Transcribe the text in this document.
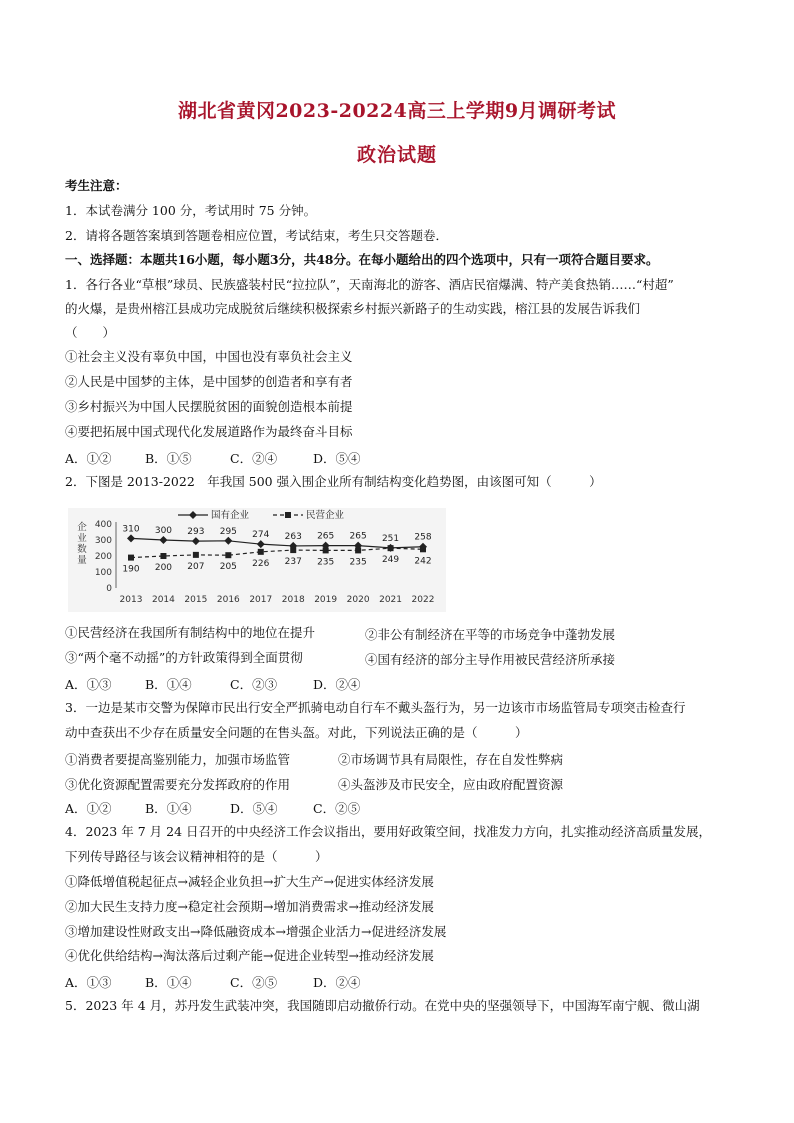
湖北省黄冈2023-20224高三上学期9月调研考试
政治试题
考生注意：
1．本试卷满分 100 分，考试用时 75 分钟。
2．请将各题答案填到答题卷相应位置，考试结束，考生只交答题卷．
一、选择题：本题共16小题，每小题3分，共48分。在每小题给出的四个选项中，只有一项符合题目要求。
1．各行各业“草根”球员、民族盛装村民“拉拉队”，天南海北的游客、酒店民宿爆满、特产美食热销……“村超”
的火爆，是贵州榕江县成功完成脱贫后继续积极探索乡村振兴新路子的生动实践，榕江县的发展告诉我们
（　　）
①社会主义没有辜负中国，中国也没有辜负社会主义
②人民是中国梦的主体，是中国梦的创造者和享有者
③乡村振兴为中国人民摆脱贫困的面貌创造根本前提
④要把拓展中国式现代化发展道路作为最终奋斗目标
A．①②	B．①⑤	C．②④	D．⑤④
2．下图是 2013-2022　年我国 500 强入围企业所有制结构变化趋势图，由该图可知（　　　）
400
300
200
100
0
企
业
数
量
2013 2014 2015 2016 2017 2018 2019 2020 2021 2022
310 300 293 295 274 263 265 265 251 258
190 200 207 205 226 237 235 235 249 242
国有企业	民营企业
①民营经济在我国所有制结构中的地位在提升	②非公有制经济在平等的市场竞争中蓬勃发展
③“两个毫不动摇”的方针政策得到全面贯彻	④国有经济的部分主导作用被民营经济所承接
A．①③	B．①④	C．②③	D．②④
3．一边是某市交警为保障市民出行安全严抓骑电动自行车不戴头盔行为，另一边该市市场监管局专项突击检查行
动中查获出不少存在质量安全问题的在售头盔。对此，下列说法正确的是（　　　）
①消费者要提高鉴别能力，加强市场监管	②市场调节具有局限性，存在自发性弊病
③优化资源配置需要充分发挥政府的作用	④头盔涉及市民安全，应由政府配置资源
A．①②	B．①④	D．⑤④	C．②⑤
4．2023 年 7 月 24 日召开的中央经济工作会议指出，要用好政策空间，找准发力方向，扎实推动经济高质量发展，
下列传导路径与该会议精神相符的是（　　　）
①降低增值税起征点→减轻企业负担→扩大生产→促进实体经济发展
②加大民生支持力度→稳定社会预期→增加消费需求→推动经济发展
③增加建设性财政支出→降低融资成本→增强企业活力→促进经济发展
④优化供给结构→淘汰落后过剩产能→促进企业转型→推动经济发展
A．①③	B．①④	C．②⑤	D．②④
5．2023 年 4 月，苏丹发生武装冲突，我国随即启动撤侨行动。在党中央的坚强领导下，中国海军南宁舰、微山湖
